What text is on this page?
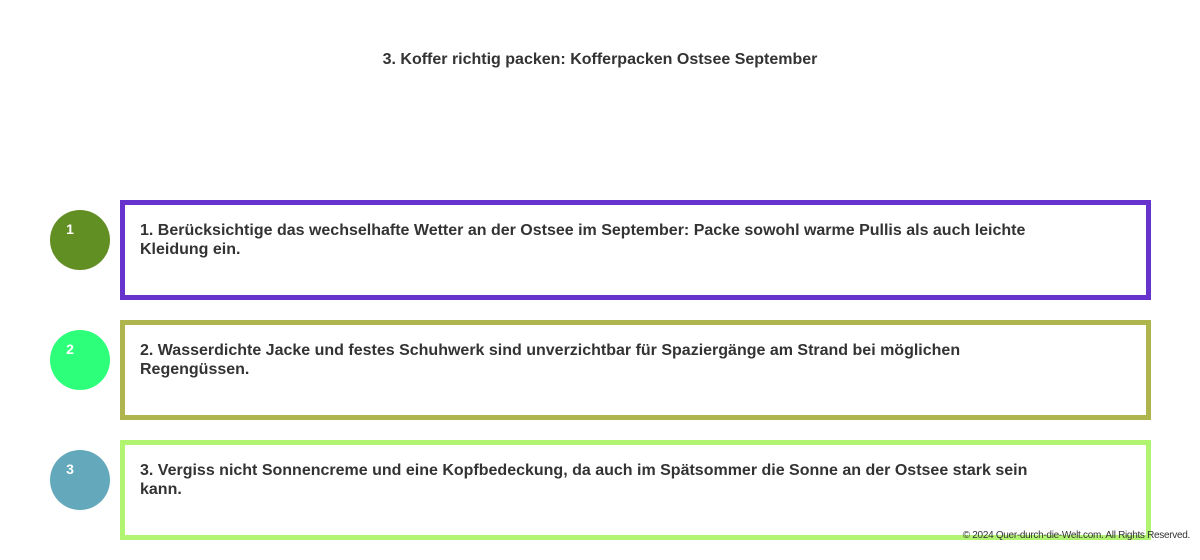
3. Koffer richtig packen: Kofferpacken Ostsee September
1	1. Berücksichtige das wechselhafte Wetter an der Ostsee im September: Packe sowohl warme Pullis als auch leichte Kleidung ein.
2	2. Wasserdichte Jacke und festes Schuhwerk sind unverzichtbar für Spaziergänge am Strand bei möglichen Regengüssen.
3	3. Vergiss nicht Sonnencreme und eine Kopfbedeckung, da auch im Spätsommer die Sonne an der Ostsee stark sein kann.
© 2024 Quer-durch-die-Welt.com. All Rights Reserved.
